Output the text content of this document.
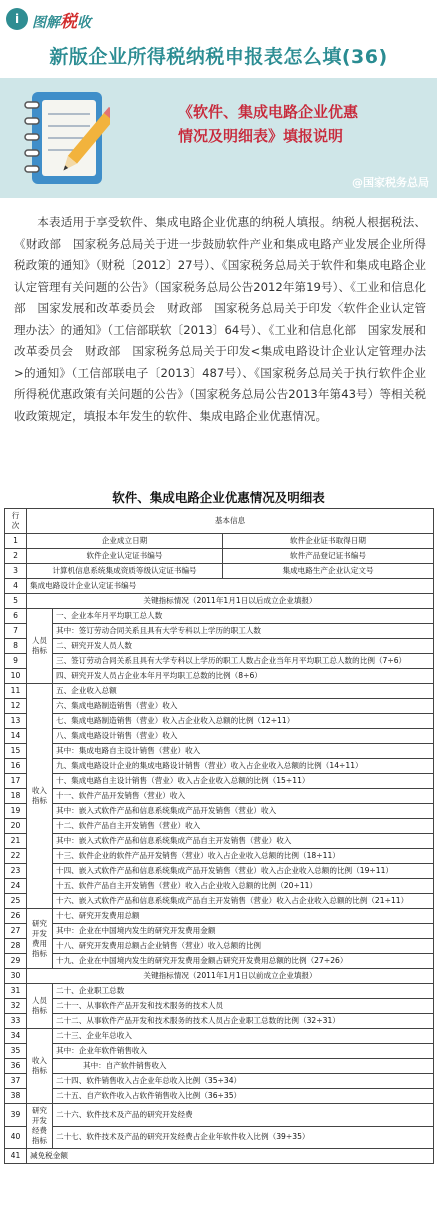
i 图解税收
新版企业所得税纳税申报表怎么填(36)
《软件、集成电路企业优惠
情况及明细表》填报说明
@国家税务总局
本表适用于享受软件、集成电路企业优惠的纳税人填报。纳税人根据税法、《财政部　国家税务总局关于进一步鼓励软件产业和集成电路产业发展企业所得税政策的通知》（财税〔2012〕27号）、《国家税务总局关于软件和集成电路企业认定管理有关问题的公告》（国家税务总局公告2012年第19号）、《工业和信息化部　国家发展和改革委员会　财政部　国家税务总局关于印发〈软件企业认定管理办法〉的通知》（工信部联软〔2013〕64号）、《工业和信息化部　国家发展和改革委员会　财政部　国家税务总局关于印发<集成电路设计企业认定管理办法>的通知》（工信部联电子〔2013〕487号）、《国家税务总局关于执行软件企业所得税优惠政策有关问题的公告》（国家税务总局公告2013年第43号）等相关税收政策规定，填报本年发生的软件、集成电路企业优惠情况。
软件、集成电路企业优惠情况及明细表
行次	基本信息		
1	企业成立日期		软件企业证书取得日期
2	软件企业认定证书编号		软件产品登记证书编号
3	计算机信息系统集成资质等级认定证书编号		集成电路生产企业认定文号
4	集成电路设计企业认定证书编号		
5	关键指标情况（2011年1月1日以后成立企业填报）		
6	人员指标	一、企业本年月平均职工总人数	
7		其中：签订劳动合同关系且具有大学专科以上学历的职工人数	
8		二、研究开发人员人数	
9		三、签订劳动合同关系且具有大学专科以上学历的职工人数占企业当年月平均职工总人数的比例（7÷6）	
10		四、研究开发人员占企业本年月平均职工总数的比例（8÷6）	
11	收入指标	五、企业收入总额	
12		六、集成电路制造销售（营业）收入	
13		七、集成电路制造销售（营业）收入占企业收入总额的比例（12÷11）	
14		八、集成电路设计销售（营业）收入	
15		其中：集成电路自主设计销售（营业）收入	
16		九、集成电路设计企业的集成电路设计销售（营业）收入占企业收入总额的比例（14÷11）	
17		十、集成电路自主设计销售（营业）收入占企业收入总额的比例（15÷11）	
18		十一、软件产品开发销售（营业）收入	
19		其中：嵌入式软件产品和信息系统集成产品开发销售（营业）收入	
20		十二、软件产品自主开发销售（营业）收入	
21		其中：嵌入式软件产品和信息系统集成产品自主开发销售（营业）收入	
22		十三、软件企业的软件产品开发销售（营业）收入占企业收入总额的比例（18÷11）	
23		十四、嵌入式软件产品和信息系统集成产品开发销售（营业）收入占企业收入总额的比例（19÷11）	
24		十五、软件产品自主开发销售（营业）收入占企业收入总额的比例（20÷11）	
25		十六、嵌入式软件产品和信息系统集成产品自主开发销售（营业）收入占企业收入总额的比例（21÷11）	
26	研究开发费用指标	十七、研究开发费用总额	
27		其中：企业在中国境内发生的研究开发费用金额	
28		十八、研究开发费用总额占企业销售（营业）收入总额的比例	
29		十九、企业在中国境内发生的研究开发费用金额占研究开发费用总额的比例（27÷26）	
30	关键指标情况（2011年1月1日以前成立企业填报）		
31	人员指标	二十、企业职工总数	
32		二十一、从事软件产品开发和技术服务的技术人员	
33		二十二、从事软件产品开发和技术服务的技术人员占企业职工总数的比例（32÷31）	
34	收入指标	二十三、企业年总收入	
35		其中：企业年软件销售收入	
36		其中：自产软件销售收入	
37		二十四、软件销售收入占企业年总收入比例（35÷34）	
38		二十五、自产软件收入占软件销售收入比例（36÷35）	
39	研究开发经费指标	二十六、软件技术及产品的研究开发经费	
40		二十七、软件技术及产品的研究开发经费占企业年软件收入比例（39÷35）	
41	减免税金额		
